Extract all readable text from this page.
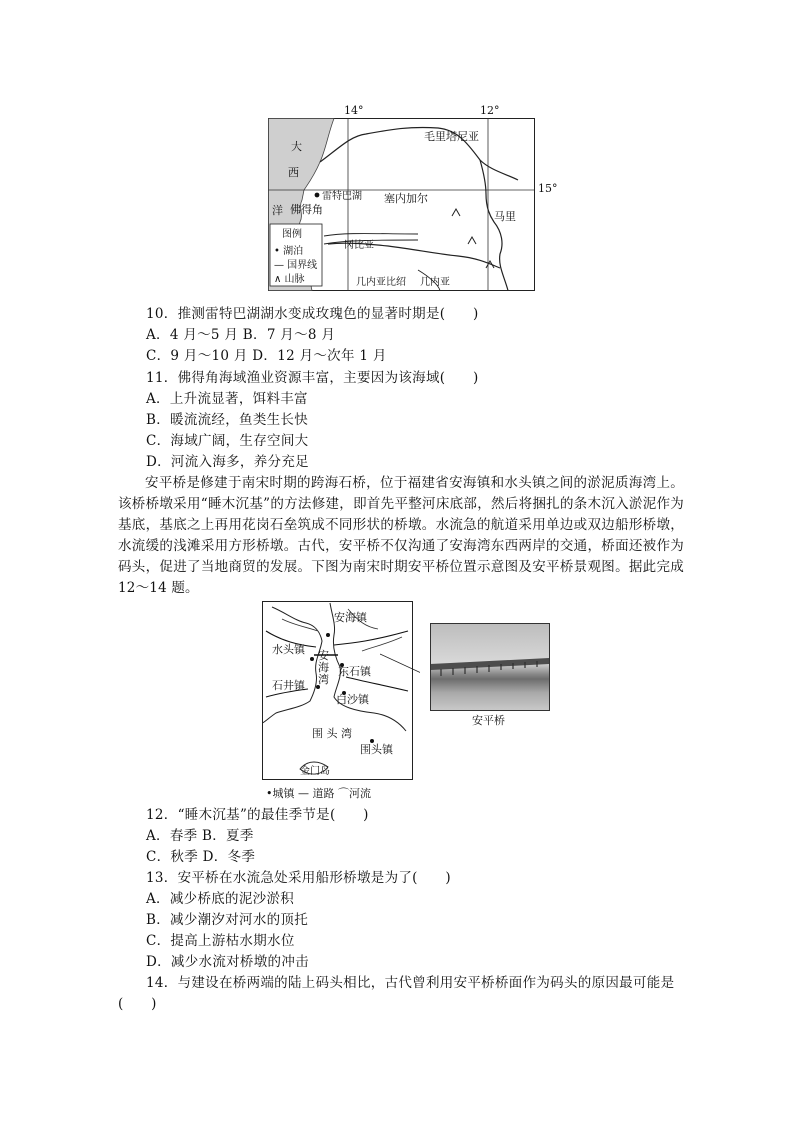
14°	12°
15°
大
西
洋
毛里塔尼亚
塞内加尔
马里
雷特巴湖
佛得角
冈比亚
几内亚比绍 几内亚
图例
• 湖泊
— 国界线
∧ 山脉
10．推测雷特巴湖湖水变成玫瑰色的显著时期是(　　)
A．4 月～5 月 B．7 月～8 月
C．9 月～10 月 D．12 月～次年 1 月
11．佛得角海域渔业资源丰富，主要因为该海域(　　)
A．上升流显著，饵料丰富
B．暖流流经，鱼类生长快
C．海域广阔，生存空间大
D．河流入海多，养分充足
安平桥是修建于南宋时期的跨海石桥，位于福建省安海镇和水头镇之间的淤泥质海湾上。该桥桥墩采用“睡木沉基”的方法修建，即首先平整河床底部，然后将捆扎的条木沉入淤泥作为基底，基底之上再用花岗石垒筑成不同形状的桥墩。水流急的航道采用单边或双边船形桥墩，水流缓的浅滩采用方形桥墩。古代，安平桥不仅沟通了安海湾东西两岸的交通，桥面还被作为码头，促进了当地商贸的发展。下图为南宋时期安平桥位置示意图及安平桥景观图。据此完成 12～14 题。
安海镇
水头镇 安
海
湾
东石镇
石井镇
白沙镇
围 头 湾
围头镇
金门岛
•城镇 — 道路 ⌒河流
安平桥
12．“睡木沉基”的最佳季节是(　　)
A．春季 B．夏季
C．秋季 D．冬季
13．安平桥在水流急处采用船形桥墩是为了(　　)
A．减少桥底的泥沙淤积
B．减少潮汐对河水的顶托
C．提高上游枯水期水位
D．减少水流对桥墩的冲击
14．与建设在桥两端的陆上码头相比，古代曾利用安平桥桥面作为码头的原因最可能是
(　　)
